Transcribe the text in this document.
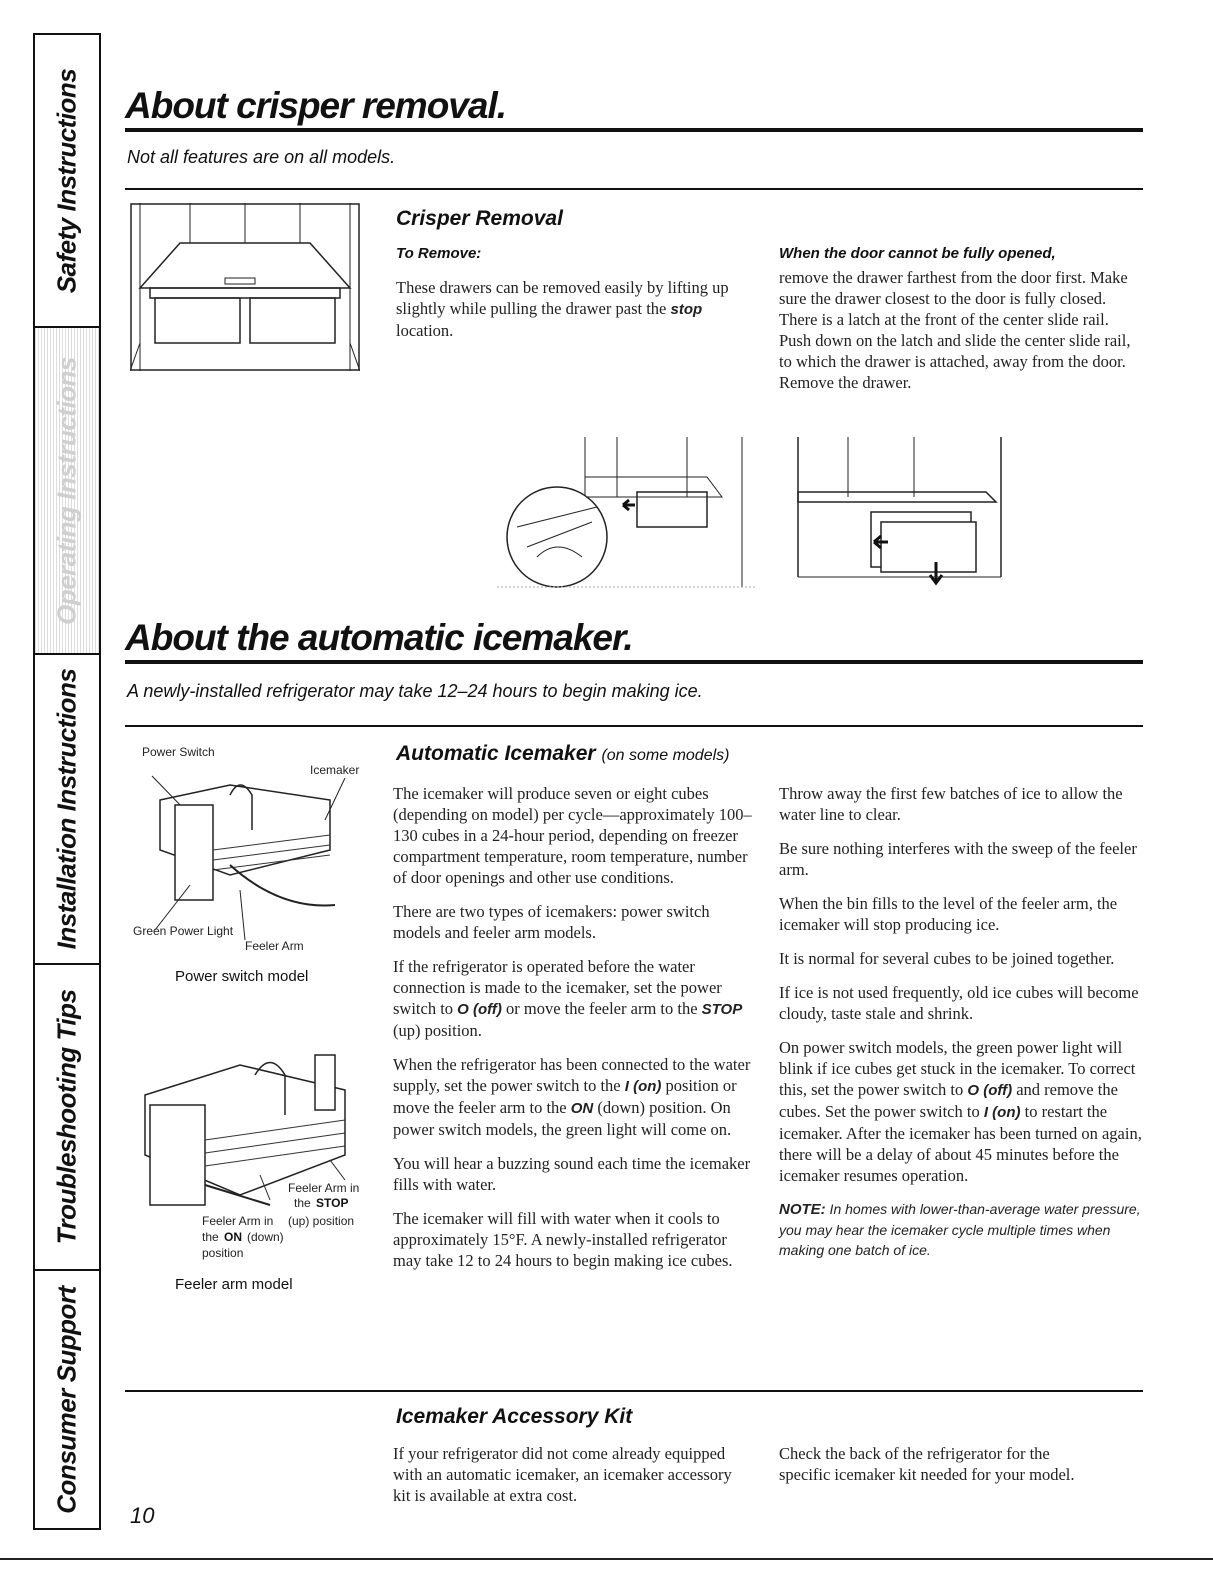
Safety Instructions
Operating Instructions
Installation Instructions
Troubleshooting Tips
Consumer Support
About crisper removal.
Not all features are on all models.
Crisper Removal
To Remove:
These drawers can be removed easily by lifting up slightly while pulling the drawer past the stop location.
When the door cannot be fully opened,
remove the drawer farthest from the door first. Make sure the drawer closest to the door is fully closed. There is a latch at the front of the center slide rail. Push down on the latch and slide the center slide rail, to which the drawer is attached, away from the door. Remove the drawer.
About the automatic icemaker.
A newly-installed refrigerator may take 12–24 hours to begin making ice.
Power Switch
Icemaker
Green Power Light
Feeler Arm
Power switch model
Feeler Arm in
the STOP
(up) position
Feeler Arm in
the ON (down)
position
Feeler arm model
Automatic Icemaker (on some models)

The icemaker will produce seven or eight cubes (depending on model) per cycle—approximately 100–130 cubes in a 24-hour period, depending on freezer compartment temperature, room temperature, number of door openings and other use conditions.

There are two types of icemakers: power switch models and feeler arm models.

If the refrigerator is operated before the water connection is made to the icemaker, set the power switch to O (off) or move the feeler arm to the STOP (up) position.

When the refrigerator has been connected to the water supply, set the power switch to the I (on) position or move the feeler arm to the ON (down) position. On power switch models, the green light will come on.

You will hear a buzzing sound each time the icemaker fills with water.

The icemaker will fill with water when it cools to approximately 15°F. A newly-installed refrigerator may take 12 to 24 hours to begin making ice cubes.

Throw away the first few batches of ice to allow the water line to clear.

Be sure nothing interferes with the sweep of the feeler arm.

When the bin fills to the level of the feeler arm, the icemaker will stop producing ice.

It is normal for several cubes to be joined together.

If ice is not used frequently, old ice cubes will become cloudy, taste stale and shrink.

On power switch models, the green power light will blink if ice cubes get stuck in the icemaker. To correct this, set the power switch to O (off) and remove the cubes. Set the power switch to I (on) to restart the icemaker. After the icemaker has been turned on again, there will be a delay of about 45 minutes before the icemaker resumes operation.

NOTE: In homes with lower-than-average water pressure, you may hear the icemaker cycle multiple times when making one batch of ice.

Icemaker Accessory Kit
If your refrigerator did not come already equipped with an automatic icemaker, an icemaker accessory kit is available at extra cost.
Check the back of the refrigerator for the specific icemaker kit needed for your model.
10
